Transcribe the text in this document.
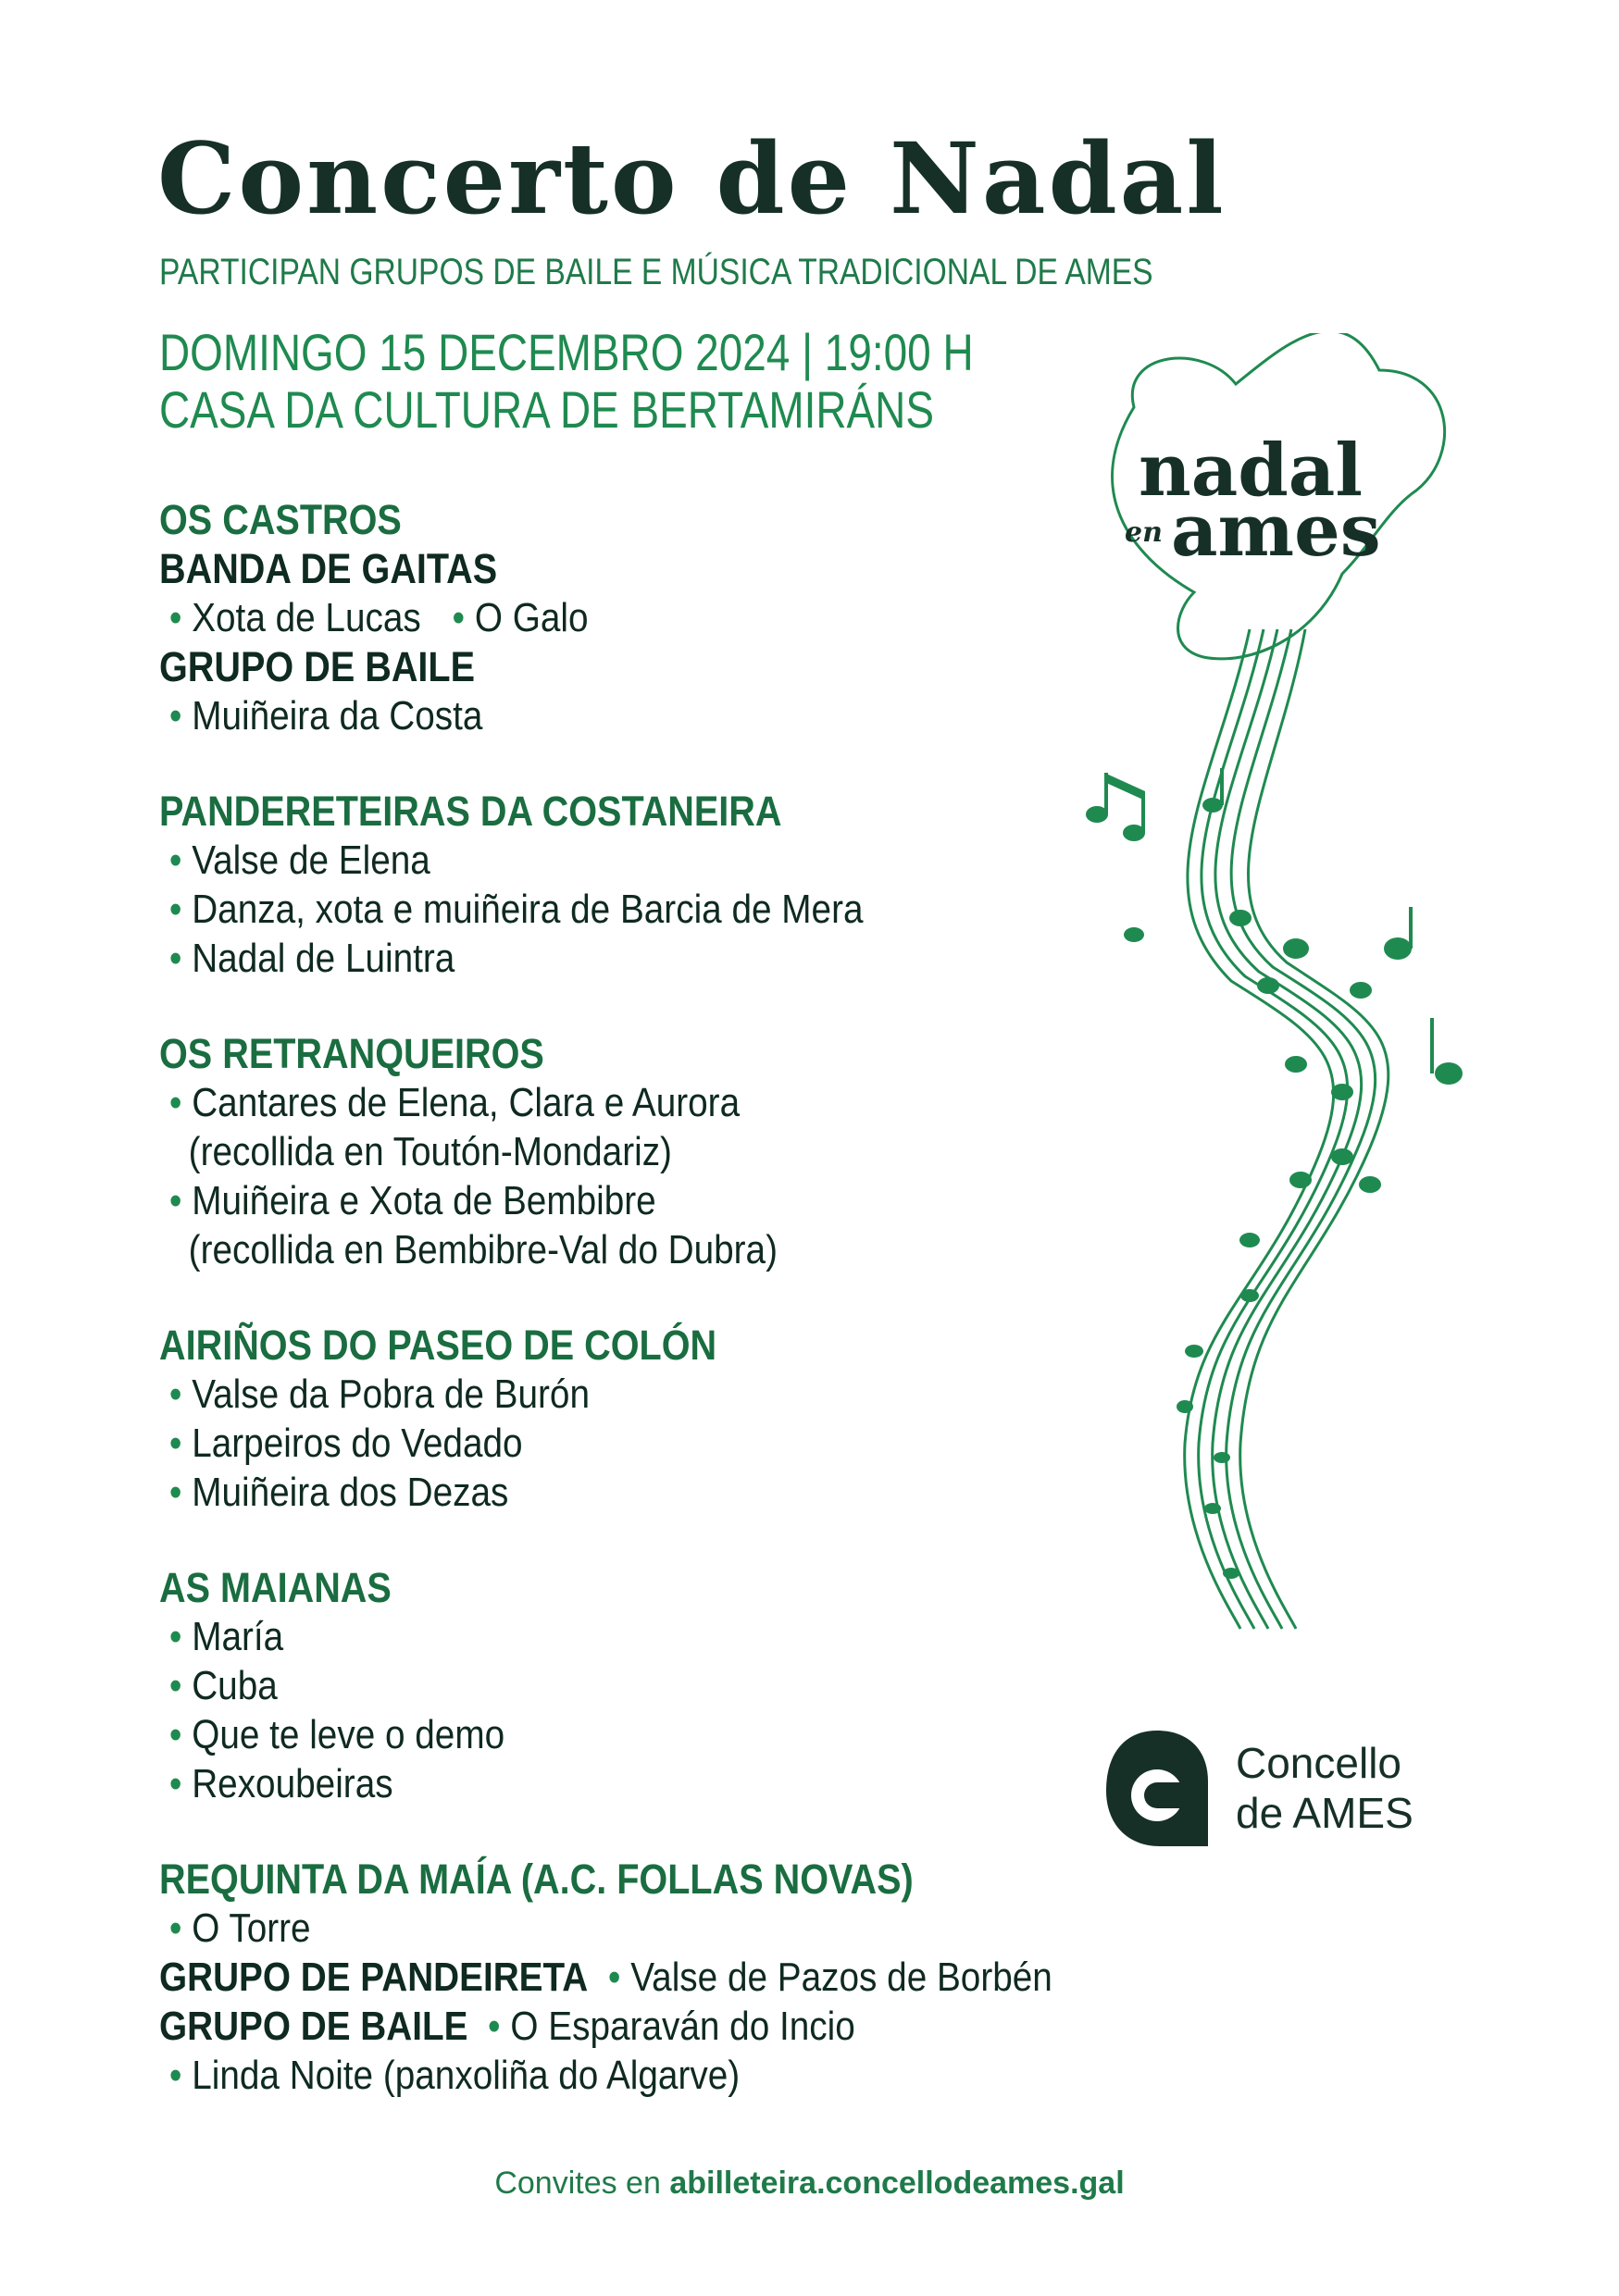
Concerto de Nadal
PARTICIPAN GRUPOS DE BAILE E MÚSICA TRADICIONAL DE AMES
DOMINGO 15 DECEMBRO 2024 | 19:00 H
CASA DA CULTURA DE BERTAMIRÁNS
OS CASTROS
BANDA DE GAITAS
• Xota de Lucas • O Galo
GRUPO DE BAILE
• Muiñeira da Costa
PANDERETEIRAS DA COSTANEIRA
• Valse de Elena
• Danza, xota e muiñeira de Barcia de Mera
• Nadal de Luintra
OS RETRANQUEIROS
• Cantares de Elena, Clara e Aurora
(recollida en Toutón-Mondariz)
• Muiñeira e Xota de Bembibre
(recollida en Bembibre-Val do Dubra)
AIRIÑOS DO PASEO DE COLÓN
• Valse da Pobra de Burón
• Larpeiros do Vedado
• Muiñeira dos Dezas
AS MAIANAS
• María
• Cuba
• Que te leve o demo
• Rexoubeiras
REQUINTA DA MAÍA (A.C. FOLLAS NOVAS)
• O Torre
GRUPO DE PANDEIRETA • Valse de Pazos de Borbén
GRUPO DE BAILE • O Esparaván do Incio
• Linda Noite (panxoliña do Algarve)
nadal
en ames
Concello
de AMES
Convites en abilleteira.concellodeames.gal
